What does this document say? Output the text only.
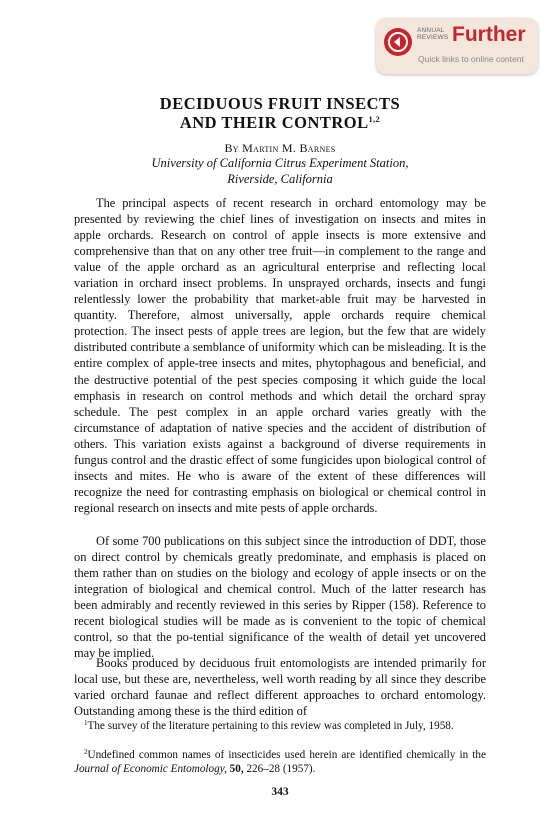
ANNUAL
REVIEWS Further
Quick links to online content
DECIDUOUS FRUIT INSECTS
AND THEIR CONTROL$^{1,2}$
By Martin M. Barnes
University of California Citrus Experiment Station,
Riverside, California

The principal aspects of recent research in orchard entomology may be presented by reviewing the chief lines of investigation on insects and mites in apple orchards. Research on control of apple insects is more extensive and comprehensive than that on any other tree fruit—in complement to the range and value of the apple orchard as an agricultural enterprise and reflecting local variation in orchard insect problems. In unsprayed orchards, insects and fungi relentlessly lower the probability that market-able fruit may be harvested in quantity. Therefore, almost universally, apple orchards require chemical protection. The insect pests of apple trees are legion, but the few that are widely distributed contribute a semblance of uniformity which can be misleading. It is the entire complex of apple-tree insects and mites, phytophagous and beneficial, and the destructive potential of the pest species composing it which guide the local emphasis in research on control methods and which detail the orchard spray schedule. The pest complex in an apple orchard varies greatly with the circumstance of adaptation of native species and the accident of distribution of others. This variation exists against a background of diverse requirements in fungus control and the drastic effect of some fungicides upon biological control of insects and mites. He who is aware of the extent of these differences will recognize the need for contrasting emphasis on biological or chemical control in regional research on insects and mite pests of apple orchards.

Of some 700 publications on this subject since the introduction of DDT, those on direct control by chemicals greatly predominate, and emphasis is placed on them rather than on studies on the biology and ecology of apple insects or on the integration of biological and chemical control. Much of the latter research has been admirably and recently reviewed in this series by Ripper (158). Reference to recent biological studies will be made as is convenient to the topic of chemical control, so that the po-tential significance of the wealth of detail yet uncovered may be implied.

Books produced by deciduous fruit entomologists are intended primarily for local use, but these are, nevertheless, well worth reading by all since they describe varied orchard faunae and reflect different approaches to orchard entomology. Outstanding among these is the third edition of

$^1$The survey of the literature pertaining to this review was completed in July, 1958.

$^2$Undefined common names of insecticides used herein are identified chemically in the Journal of Economic Entomology, 50, 226–28 (1957).

343
